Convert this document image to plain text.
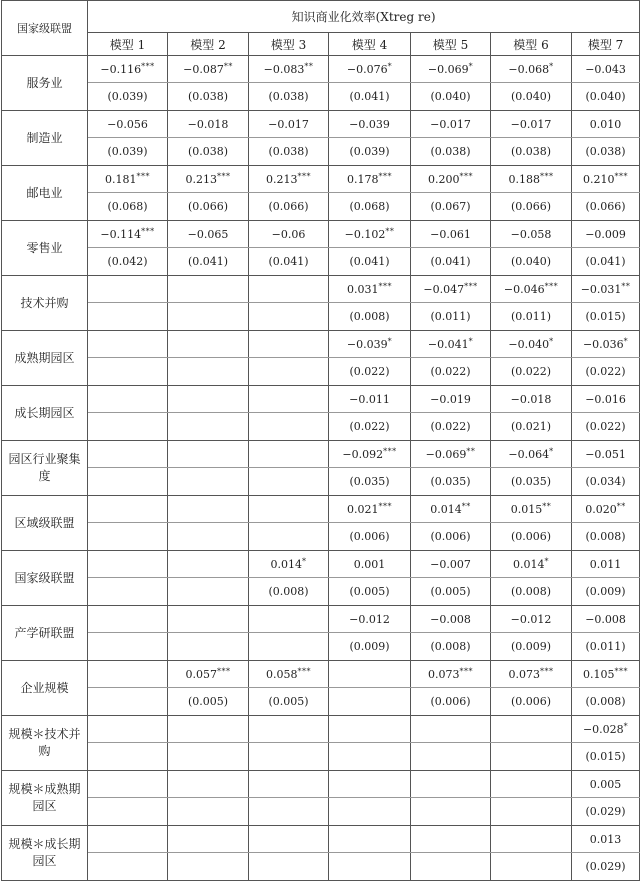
国家级联盟	知识商业化效率(Xtreg re)						
	模型 1	模型 2	模型 3	模型 4	模型 5	模型 6	模型 7
服务业	−0.116***	−0.087**	−0.083**	−0.076*	−0.069*	−0.068*	−0.043
	(0.039)	(0.038)	(0.038)	(0.041)	(0.040)	(0.040)	(0.040)
制造业	−0.056	−0.018	−0.017	−0.039	−0.017	−0.017	0.010
	(0.039)	(0.038)	(0.038)	(0.039)	(0.038)	(0.038)	(0.038)
邮电业	0.181***	0.213***	0.213***	0.178***	0.200***	0.188***	0.210***
	(0.068)	(0.066)	(0.066)	(0.068)	(0.067)	(0.066)	(0.066)
零售业	−0.114***	−0.065	−0.06	−0.102**	−0.061	−0.058	−0.009
	(0.042)	(0.041)	(0.041)	(0.041)	(0.041)	(0.040)	(0.041)
技术并购				0.031***	−0.047***	−0.046***	−0.031**
				(0.008)	(0.011)	(0.011)	(0.015)
成熟期园区				−0.039*	−0.041*	−0.040*	−0.036*
				(0.022)	(0.022)	(0.022)	(0.022)
成长期园区				−0.011	−0.019	−0.018	−0.016
				(0.022)	(0.022)	(0.021)	(0.022)
园区行业聚集度				−0.092***	−0.069**	−0.064*	−0.051
				(0.035)	(0.035)	(0.035)	(0.034)
区域级联盟				0.021***	0.014**	0.015**	0.020**
				(0.006)	(0.006)	(0.006)	(0.008)
国家级联盟			0.014*	0.001	−0.007	0.014*	0.011
			(0.008)	(0.005)	(0.005)	(0.008)	(0.009)
产学研联盟				−0.012	−0.008	−0.012	−0.008
				(0.009)	(0.008)	(0.009)	(0.011)
企业规模		0.057***	0.058***		0.073***	0.073***	0.105***
		(0.005)	(0.005)		(0.006)	(0.006)	(0.008)
规模＊技术并购							−0.028*
							(0.015)
规模＊成熟期园区							0.005
							(0.029)
规模＊成长期园区							0.013
							(0.029)
